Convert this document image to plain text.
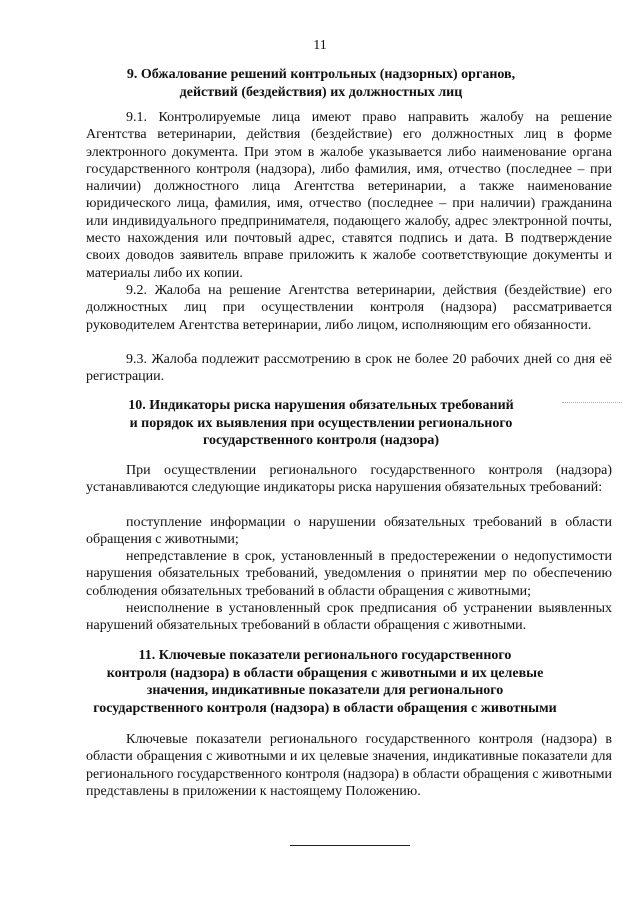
11
9. Обжалование решений контрольных (надзорных) органов,
действий (бездействия) их должностных лиц

9.1. Контролируемые лица имеют право направить жалобу на решение Агентства ветеринарии, действия (бездействие) его должностных лиц в форме электронного документа. При этом в жалобе указывается либо наименование органа государственного контроля (надзора), либо фамилия, имя, отчество (последнее – при наличии) должностного лица Агентства ветеринарии, а также наименование юридического лица, фамилия, имя, отчество (последнее – при наличии) гражданина или индивидуального предпринимателя, подающего жалобу, адрес электронной почты, место нахождения или почтовый адрес, ставятся подпись и дата. В подтверждение своих доводов заявитель вправе приложить к жалобе соответствующие документы и материалы либо их копии.

9.2. Жалоба на решение Агентства ветеринарии, действия (бездействие) его должностных лиц при осуществлении контроля (надзора) рассматривается руководителем Агентства ветеринарии, либо лицом, исполняющим его обязанности.

9.3. Жалоба подлежит рассмотрению в срок не более 20 рабочих дней со дня её регистрации.

10. Индикаторы риска нарушения обязательных требований
и порядок их выявления при осуществлении регионального
государственного контроля (надзора)

При осуществлении регионального государственного контроля (надзора) устанавливаются следующие индикаторы риска нарушения обязательных требований:

поступление информации о нарушении обязательных требований в области обращения с животными;

непредставление в срок, установленный в предостережении о недопустимости нарушения обязательных требований, уведомления о принятии мер по обеспечению соблюдения обязательных требований в области обращения с животными;

неисполнение в установленный срок предписания об устранении выявленных нарушений обязательных требований в области обращения с животными.

11. Ключевые показатели регионального государственного
контроля (надзора) в области обращения с животными и их целевые
значения, индикативные показатели для регионального
государственного контроля (надзора) в области обращения с животными

Ключевые показатели регионального государственного контроля (надзора) в области обращения с животными и их целевые значения, индикативные показатели для регионального государственного контроля (надзора) в области обращения с животными представлены в приложении к настоящему Положению.
